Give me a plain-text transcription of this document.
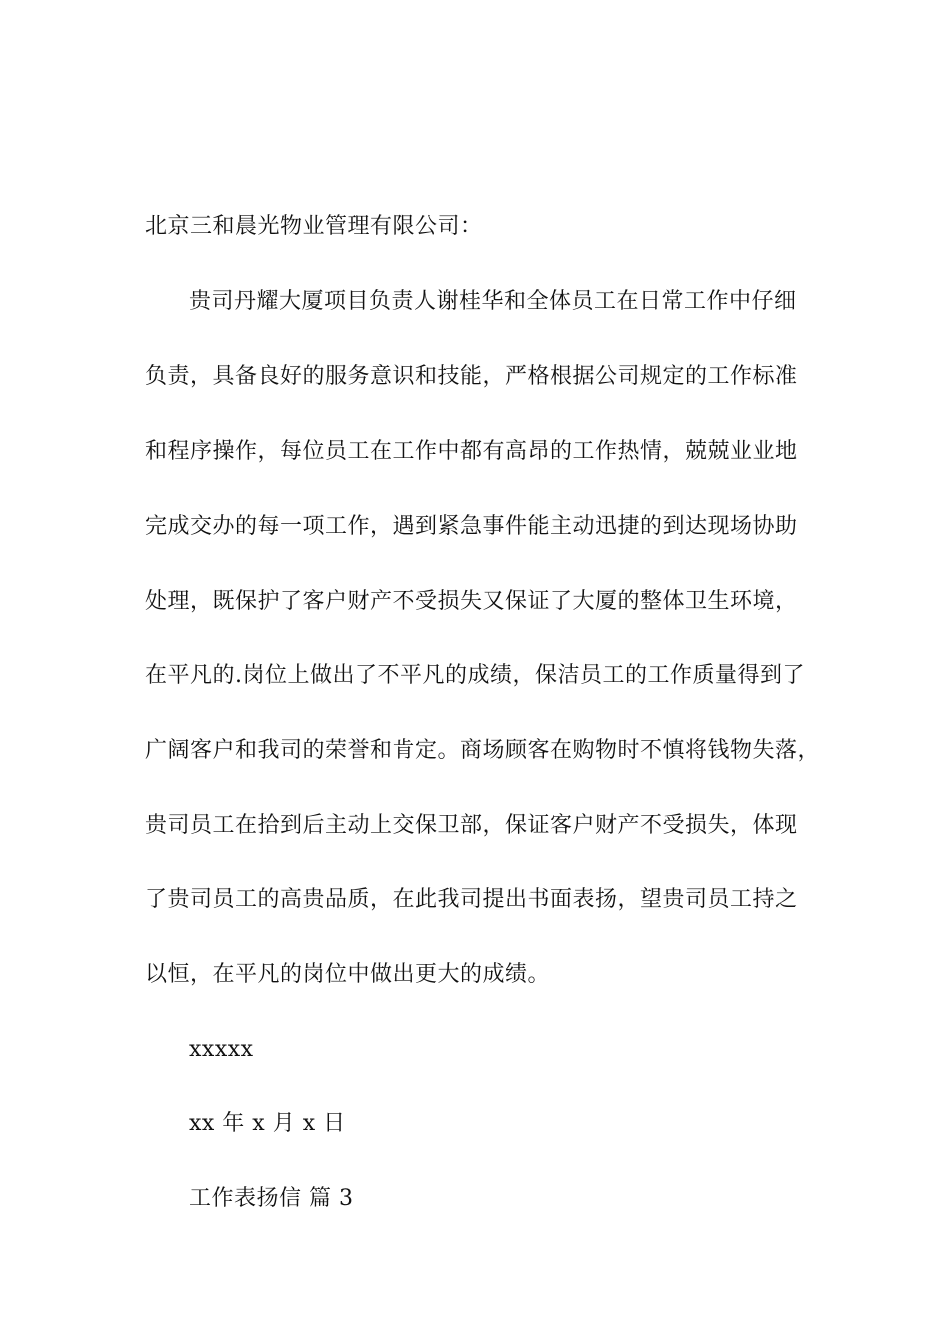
北京三和晨光物业管理有限公司：
贵司丹耀大厦项目负责人谢桂华和全体员工在日常工作中仔细
负责，具备良好的服务意识和技能，严格根据公司规定的工作标准
和程序操作，每位员工在工作中都有高昂的工作热情，兢兢业业地
完成交办的每一项工作，遇到紧急事件能主动迅捷的到达现场协助
处理，既保护了客户财产不受损失又保证了大厦的整体卫生环境，
在平凡的.岗位上做出了不平凡的成绩，保洁员工的工作质量得到了
广阔客户和我司的荣誉和肯定。商场顾客在购物时不慎将钱物失落，
贵司员工在拾到后主动上交保卫部，保证客户财产不受损失，体现
了贵司员工的高贵品质，在此我司提出书面表扬，望贵司员工持之
以恒，在平凡的岗位中做出更大的成绩。
xxxxx
xx 年 x 月 x 日
工作表扬信 篇 3
